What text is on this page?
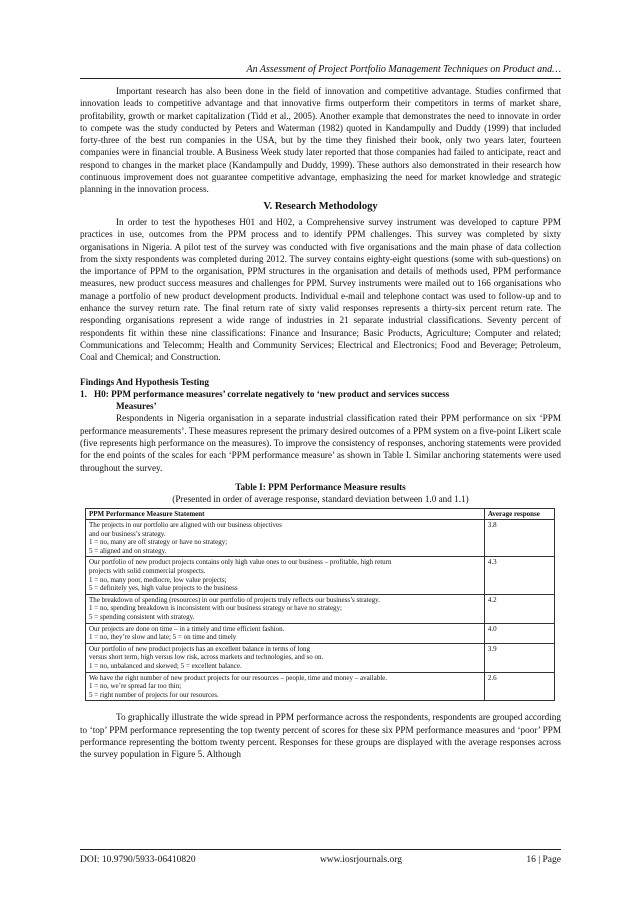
An Assessment of Project Portfolio Management Techniques on Product and…

Important research has also been done in the field of innovation and competitive advantage. Studies confirmed that innovation leads to competitive advantage and that innovative firms outperform their competitors in terms of market share, profitability, growth or market capitalization (Tidd et al., 2005). Another example that demonstrates the need to innovate in order to compete was the study conducted by Peters and Waterman (1982) quoted in Kandampully and Duddy (1999) that included forty-three of the best run companies in the USA, but by the time they finished their book, only two years later, fourteen companies were in financial trouble. A Business Week study later reported that those companies had failed to anticipate, react and respond to changes in the market place (Kandampully and Duddy, 1999). These authors also demonstrated in their research how continuous improvement does not guarantee competitive advantage, emphasizing the need for market knowledge and strategic planning in the innovation process.

V. Research Methodology

In order to test the hypotheses H01 and H02, a Comprehensive survey instrument was developed to capture PPM practices in use, outcomes from the PPM process and to identify PPM challenges. This survey was completed by sixty organisations in Nigeria. A pilot test of the survey was conducted with five organisations and the main phase of data collection from the sixty respondents was completed during 2012. The survey contains eighty-eight questions (some with sub-questions) on the importance of PPM to the organisation, PPM structures in the organisation and details of methods used, PPM performance measures, new product success measures and challenges for PPM. Survey instruments were mailed out to 166 organisations who manage a portfolio of new product development products. Individual e-mail and telephone contact was used to follow-up and to enhance the survey return rate. The final return rate of sixty valid responses represents a thirty-six percent return rate. The responding organisations represent a wide range of industries in 21 separate industrial classifications. Seventy percent of respondents fit within these nine classifications: Finance and Insurance; Basic Products, Agriculture; Computer and related; Communications and Telecomm; Health and Community Services; Electrical and Electronics; Food and Beverage; Petroleum, Coal and Chemical; and Construction.

Findings And Hypothesis Testing
1. H0: PPM performance measures’ correlate negatively to ‘new product and services success
Measures’

Respondents in Nigeria organisation in a separate industrial classification rated their PPM performance on six ‘PPM performance measurements’. These measures represent the primary desired outcomes of a PPM system on a five-point Likert scale (five represents high performance on the measures). To improve the consistency of responses, anchoring statements were provided for the end points of the scales for each ‘PPM performance measure’ as shown in Table I. Similar anchoring statements were used throughout the survey.

Table I: PPM Performance Measure results
(Presented in order of average response, standard deviation between 1.0 and 1.1)
PPM Performance Measure Statement	Average response

The projects in our portfolio are aligned with our business objectives
and our business’s strategy.
1 = no, many are off strategy or have no strategy;
5 = aligned and on strategy.	3.8

Our portfolio of new product projects contains only high value ones to our business – profitable, high return
projects with solid commercial prospects.
1 = no, many poor, mediocre, low value projects;
5 = definitely yes, high value projects to the business	4.3

The breakdown of spending (resources) in our portfolio of projects truly reflects our business’s strategy.
1 = no, spending breakdown is inconsistent with our business strategy or have no strategy;
5 = spending consistent with strategy.	4.2

Our projects are done on time – in a timely and time efficient fashion.
1 = no, they’re slow and late; 5 = on time and timely	4.0

Our portfolio of new product projects has an excellent balance in terms of long
versus short term, high versus low risk, across markets and technologies, and so on.
1 = no, unbalanced and skewed; 5 = excellent balance.	3.9

We have the right number of new product projects for our resources – people, time and money – available.
1 = no, we’re spread far too thin;
5 = right number of projects for our resources.	2.6

To graphically illustrate the wide spread in PPM performance across the respondents, respondents are grouped according to ‘top’ PPM performance representing the top twenty percent of scores for these six PPM performance measures and ‘poor’ PPM performance representing the bottom twenty percent. Responses for these groups are displayed with the average responses across the survey population in Figure 5. Although

DOI: 10.9790/5933-06410820	www.iosrjournals.org	16 | Page
